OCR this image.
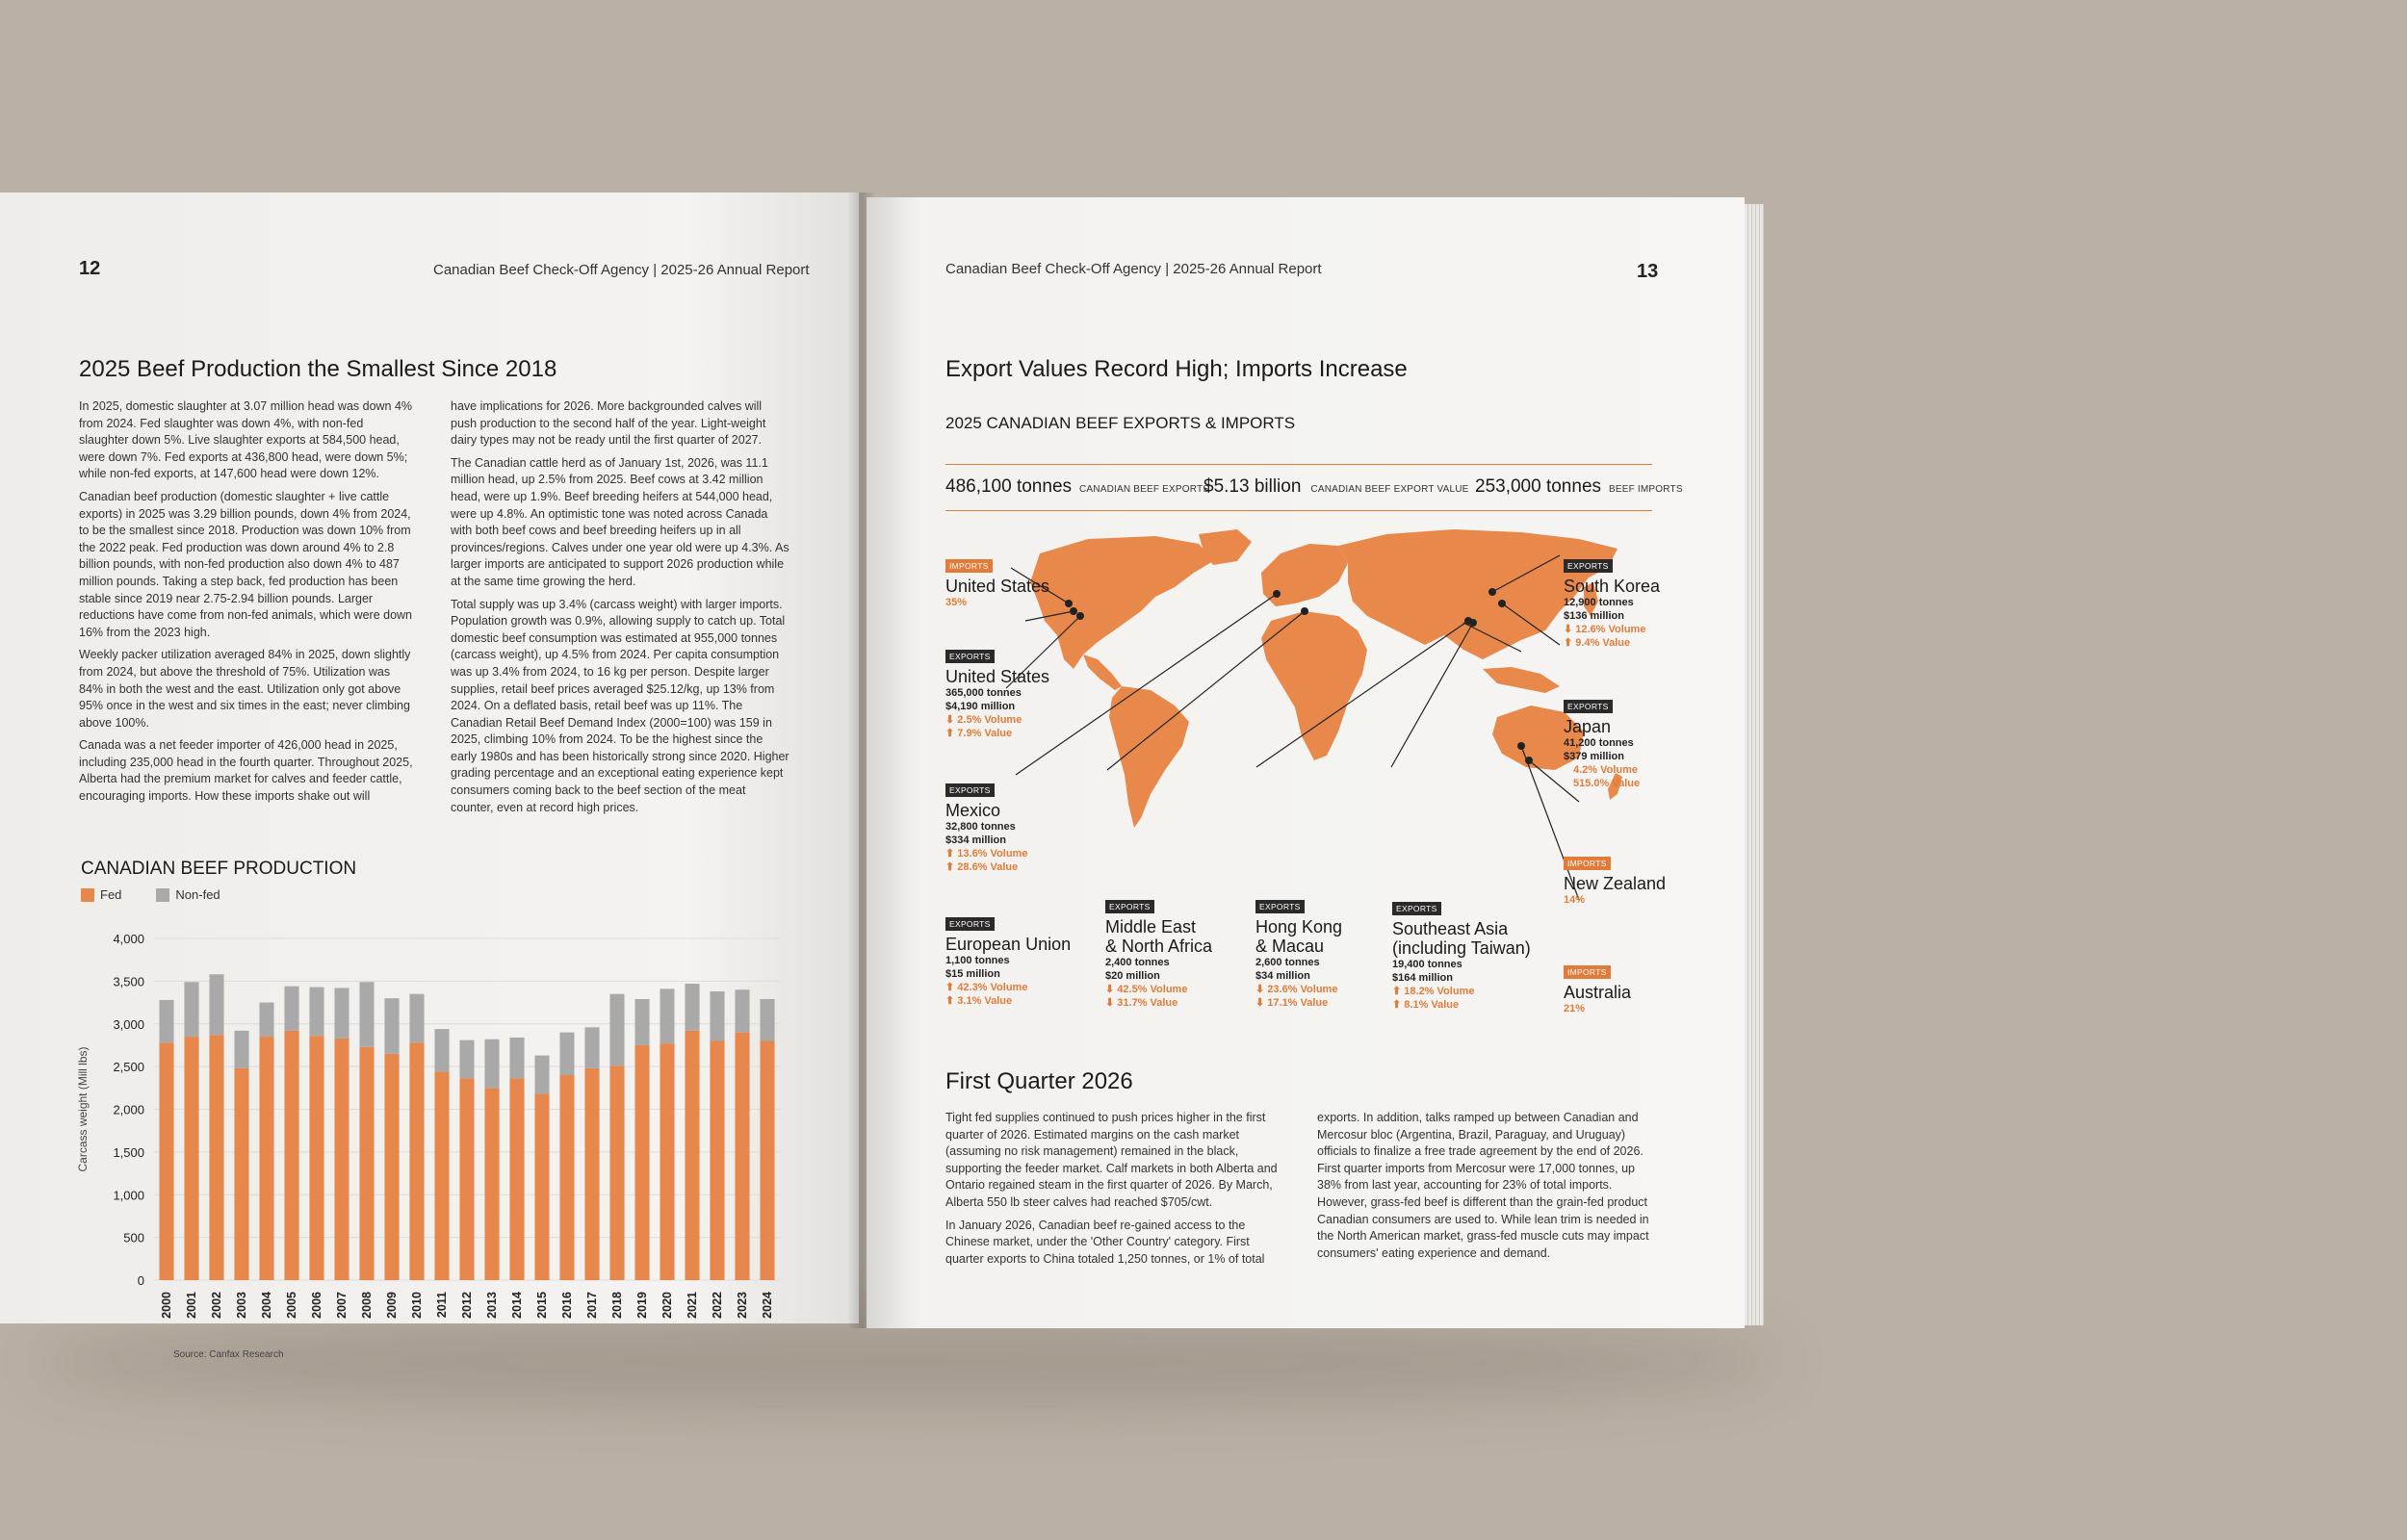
12	Canadian Beef Check-Off Agency | 2025-26 Annual Report
2025 Beef Production the Smallest Since 2018

In 2025, domestic slaughter at 3.07 million head was down 4% from 2024. Fed slaughter was down 4%, with non-fed slaughter down 5%. Live slaughter exports at 584,500 head, were down 7%. Fed exports at 436,800 head, were down 5%; while non-fed exports, at 147,600 head were down 12%.

Canadian beef production (domestic slaughter + live cattle exports) in 2025 was 3.29 billion pounds, down 4% from 2024, to be the smallest since 2018. Production was down 10% from the 2022 peak. Fed production was down around 4% to 2.8 billion pounds, with non-fed production also down 4% to 487 million pounds. Taking a step back, fed production has been stable since 2019 near 2.75-2.94 billion pounds. Larger reductions have come from non-fed animals, which were down 16% from the 2023 high.

Weekly packer utilization averaged 84% in 2025, down slightly from 2024, but above the threshold of 75%. Utilization was 84% in both the west and the east. Utilization only got above 95% once in the west and six times in the east; never climbing above 100%.

Canada was a net feeder importer of 426,000 head in 2025, including 235,000 head in the fourth quarter. Throughout 2025, Alberta had the premium market for calves and feeder cattle, encouraging imports. How these imports shake out will

have implications for 2026. More backgrounded calves will push production to the second half of the year. Light-weight dairy types may not be ready until the first quarter of 2027.

The Canadian cattle herd as of January 1st, 2026, was 11.1 million head, up 2.5% from 2025. Beef cows at 3.42 million head, were up 1.9%. Beef breeding heifers at 544,000 head, were up 4.8%. An optimistic tone was noted across Canada with both beef cows and beef breeding heifers up in all provinces/regions. Calves under one year old were up 4.3%. As larger imports are anticipated to support 2026 production while at the same time growing the herd.

Total supply was up 3.4% (carcass weight) with larger imports. Population growth was 0.9%, allowing supply to catch up. Total domestic beef consumption was estimated at 955,000 tonnes (carcass weight), up 4.5% from 2024. Per capita consumption was up 3.4% from 2024, to 16 kg per person. Despite larger supplies, retail beef prices averaged $25.12/kg, up 13% from 2024. On a deflated basis, retail beef was up 11%. The Canadian Retail Beef Demand Index (2000=100) was 159 in 2025, climbing 10% from 2024. To be the highest since the early 1980s and has been historically strong since 2020. Higher grading percentage and an exceptional eating experience kept consumers coming back to the beef section of the meat counter, even at record high prices.

CANADIAN BEEF PRODUCTION
Fed	Non-fed
Carcass weight (Mill lbs)
0
500
1,000
1,500
2,000
2,500
3,000
3,500
4,000
2000 2001 2002 2003 2004 2005 2006 2007 2008 2009 2010 2011 2012 2013 2014 2015 2016 2017 2018 2019 2020 2021 2022 2023 2024
Source: Canfax Research
Canadian Beef Check-Off Agency | 2025-26 Annual Report	13
Export Values Record High; Imports Increase
2025 CANADIAN BEEF EXPORTS & IMPORTS
486,100 tonnes CANADIAN BEEF EXPORTS
$5.13 billion CANADIAN BEEF EXPORT VALUE 253,000 tonnes BEEF IMPORTS
IMPORTS
United States
35%
EXPORTS
United States
365,000 tonnes
$4,190 million
⬇ 2.5% Volume
⬆ 7.9% Value
EXPORTS
Mexico
32,800 tonnes
$334 million
⬆ 13.6% Volume
⬆ 28.6% Value
EXPORTS
European Union
1,100 tonnes
$15 million
⬆ 42.3% Volume
⬆ 3.1% Value
EXPORTS
Middle East
& North Africa
2,400 tonnes
$20 million
⬇ 42.5% Volume
⬇ 31.7% Value
EXPORTS
Hong Kong
& Macau
2,600 tonnes
$34 million
⬇ 23.6% Volume
⬇ 17.1% Value
EXPORTS
Southeast Asia
(including Taiwan)
19,400 tonnes
$164 million
⬆ 18.2% Volume
⬆ 8.1% Value
EXPORTS
South Korea
12,900 tonnes
$136 million
⬇ 12.6% Volume
⬆ 9.4% Value
EXPORTS
Japan
41,200 tonnes
$379 million
4.2% Volume
515.0% Value
IMPORTS
New Zealand
14%
IMPORTS
Australia
21%
First Quarter 2026

Tight fed supplies continued to push prices higher in the first quarter of 2026. Estimated margins on the cash market (assuming no risk management) remained in the black, supporting the feeder market. Calf markets in both Alberta and Ontario regained steam in the first quarter of 2026. By March, Alberta 550 lb steer calves had reached $705/cwt.

In January 2026, Canadian beef re-gained access to the Chinese market, under the 'Other Country' category. First quarter exports to China totaled 1,250 tonnes, or 1% of total

exports. In addition, talks ramped up between Canadian and Mercosur bloc (Argentina, Brazil, Paraguay, and Uruguay) officials to finalize a free trade agreement by the end of 2026. First quarter imports from Mercosur were 17,000 tonnes, up 38% from last year, accounting for 23% of total imports. However, grass-fed beef is different than the grain-fed product Canadian consumers are used to. While lean trim is needed in the North American market, grass-fed muscle cuts may impact consumers' eating experience and demand.
